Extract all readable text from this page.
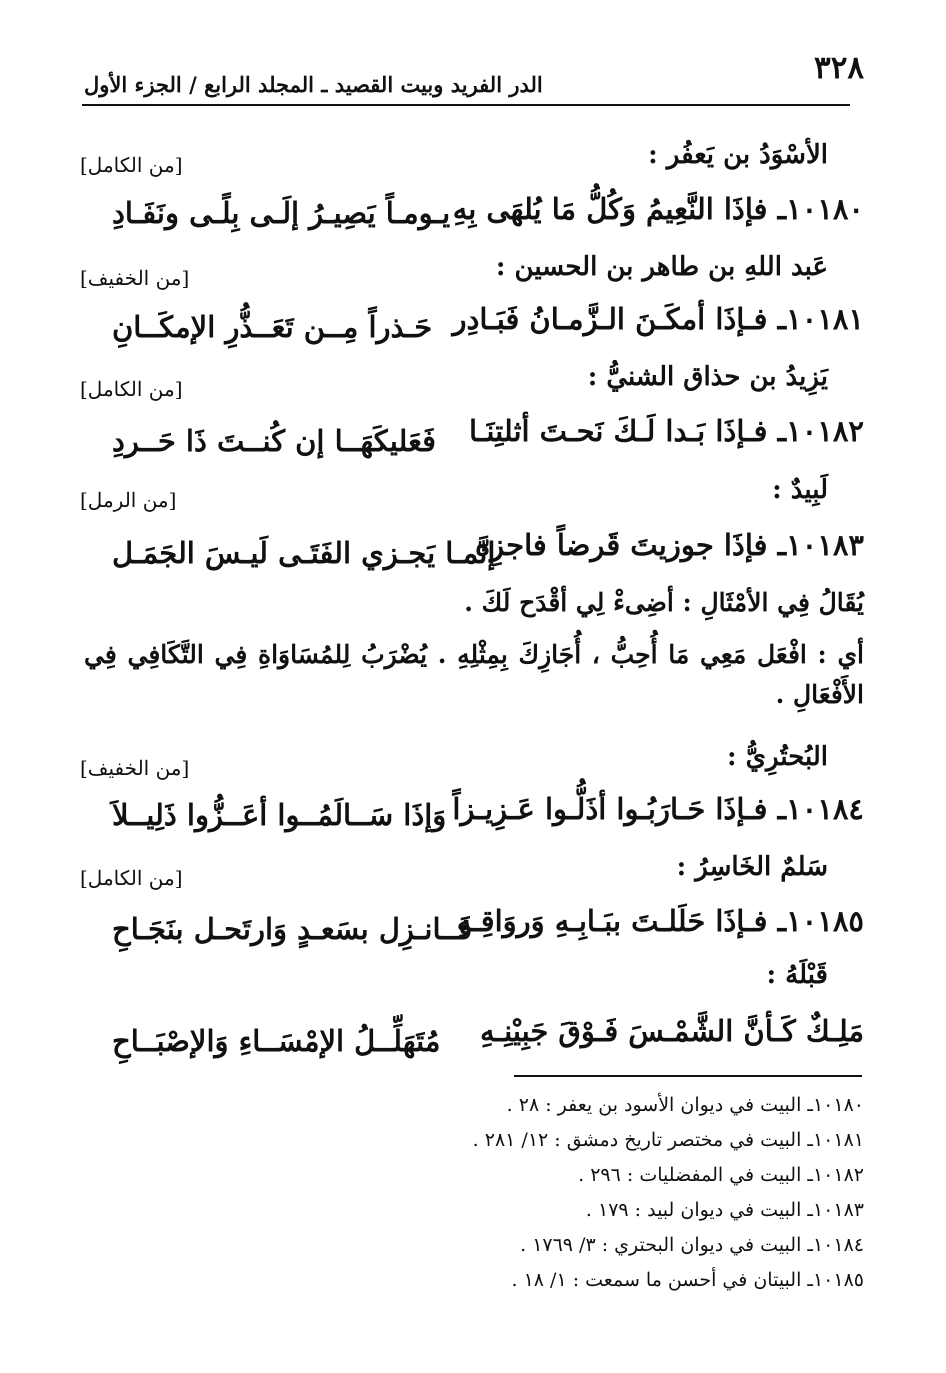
٣٢٨
الدر الفريد وبيت القصيد ـ المجلد الرابع / الجزء الأول
الأسْوَدُ بن يَعفُر :
[من الكامل]
١٠١٨٠ـ فإذَا النَّعِيمُ وَكُلُّ مَا يُلهَى بِهِ
يـومـاً يَصِيـرُ إلَـى بِلًـى ونَفَـادِ
عَبد اللهِ بن طاهر بن الحسين :
[من الخفيف]
١٠١٨١ـ فـإذَا أمكَـنَ الـزَّمـانُ فَبَـادِر
حَـذراً مِــن تَعَــذُّرِ الإمكَــانِ
يَزِيدُ بن حذاق الشنيُّ :
[من الكامل]
١٠١٨٢ـ فـإذَا بَـدا لَـكَ نَحـتَ أثلتِنَـا
فَعَليكَهَــا إن كُنــتَ ذَا حَــردِ
لَبِيدٌ :
[من الرمل]
١٠١٨٣ـ فإذَا جوزيتَ قَرضاً فاجزِه
إنَّمـا يَجـزي الفَتَـى لَيـسَ الجَمَـل
يُقَالُ فِي الأمْثَالِ : أضِىءْ لِي أقْدَح لَكَ .
أي : افْعَل مَعِي مَا أُحِبُّ ، أُجَازِكَ بِمِثْلِهِ . يُضْرَبُ لِلمُسَاوَاةِ فِي التَّكَافِي فِي
الأَفْعَالِ .
البُحتُرِيُّ :
[من الخفيف]
١٠١٨٤ـ فـإذَا حَـارَبُـوا أذَلُّـوا عَـزِيـزاً
وَإذَا سَــالَمُــوا أعَــزُّوا ذَلِيــلاَ
سَلمٌ الخَاسِرُ :
[من الكامل]
١٠١٨٥ـ فـإذَا حَلَلـتَ ببَـابِـهِ وَروَاقِـهِ
فَــانـزِل بسَعـدٍ وَارتَحـل بنَجَـاحِ
قَبْلَهُ :
مَلِـكٌ كَـأنَّ الشَّمْـسَ فَـوْقَ جَبِيْنِـهِ
مُتَهَلِّــلُ الإمْسَــاءِ وَالإصْبَــاحِ
١٠١٨٠ـ البيت في ديوان الأسود بن يعفر : ٢٨ .
١٠١٨١ـ البيت في مختصر تاريخ دمشق : ١٢/ ٢٨١ .
١٠١٨٢ـ البيت في المفضليات : ٢٩٦ .
١٠١٨٣ـ البيت في ديوان لبيد : ١٧٩ .
١٠١٨٤ـ البيت في ديوان البحتري : ٣/ ١٧٦٩ .
١٠١٨٥ـ البيتان في أحسن ما سمعت : ١/ ١٨ .
